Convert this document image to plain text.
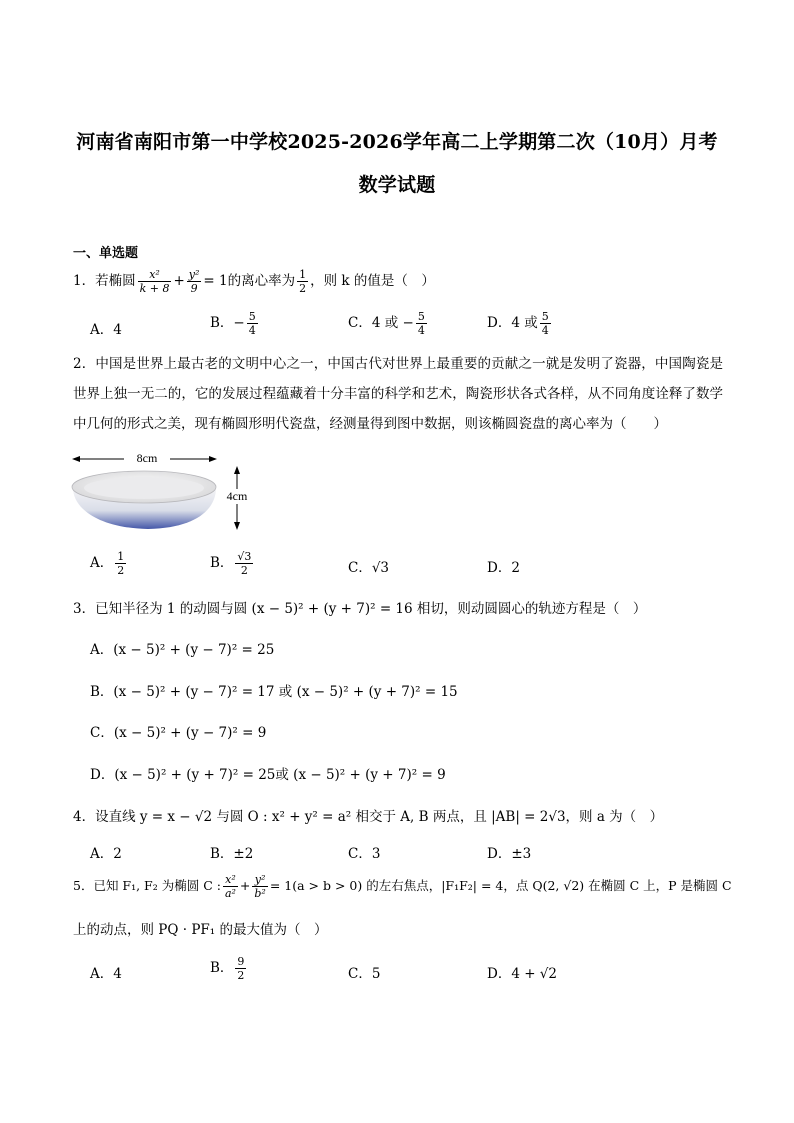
河南省南阳市第一中学校2025-2026学年高二上学期第二次（10月）月考
数学试题
一、单选题
1．若椭圆 $\frac{\text{x²}}{k + 8} + \frac{\text{y²}}{9} = 1$的离心率为 $\frac{1}{2}$ ，则 k 的值是（　）
A．4	B．− $\frac{5}{4}$	C．4 或 − $\frac{5}{4}$	D．4 或 $\frac{5}{4}$
2．中国是世界上最古老的文明中心之一，中国古代对世界上最重要的贡献之一就是发明了瓷器，中国陶瓷是世界上独一无二的，它的发展过程蕴藏着十分丰富的科学和艺术，陶瓷形状各式各样，从不同角度诠释了数学中几何的形式之美，现有椭圆形明代瓷盘，经测量得到图中数据，则该椭圆瓷盘的离心率为（　　）
8cm
4cm
A． $\frac{1}{2}$	B． $\frac{√3}{2}$	C．√3	D．2
3．已知半径为 1 的动圆与圆 (x − 5)² + (y + 7)² = 16 相切，则动圆圆心的轨迹方程是（　）
A．(x − 5)² + (y − 7)² = 25
B．(x − 5)² + (y − 7)² = 17 或 (x − 5)² + (y + 7)² = 15
C．(x − 5)² + (y − 7)² = 9
D．(x − 5)² + (y + 7)² = 25或 (x − 5)² + (y + 7)² = 9
4．设直线 y = x − √2 与圆 O : x² + y² = a² 相交于 A, B 两点，且 |AB| = 2√3，则 a 为（　）
A．2	B．±2	C．3	D．±3
5．已知 F₁, F₂ 为椭圆 C : $\frac{\text{x²}}{\text{a²}} + \frac{\text{y²}}{\text{b²}} = 1(a > b > 0)$ 的左右焦点，|F₁F₂| = 4，点 Q(2, √2) 在椭圆 C 上，P 是椭圆 C
上的动点，则 PQ · PF₁ 的最大值为（　）
A．4	B． $\frac{9}{2}$	C．5	D．4 + √2
